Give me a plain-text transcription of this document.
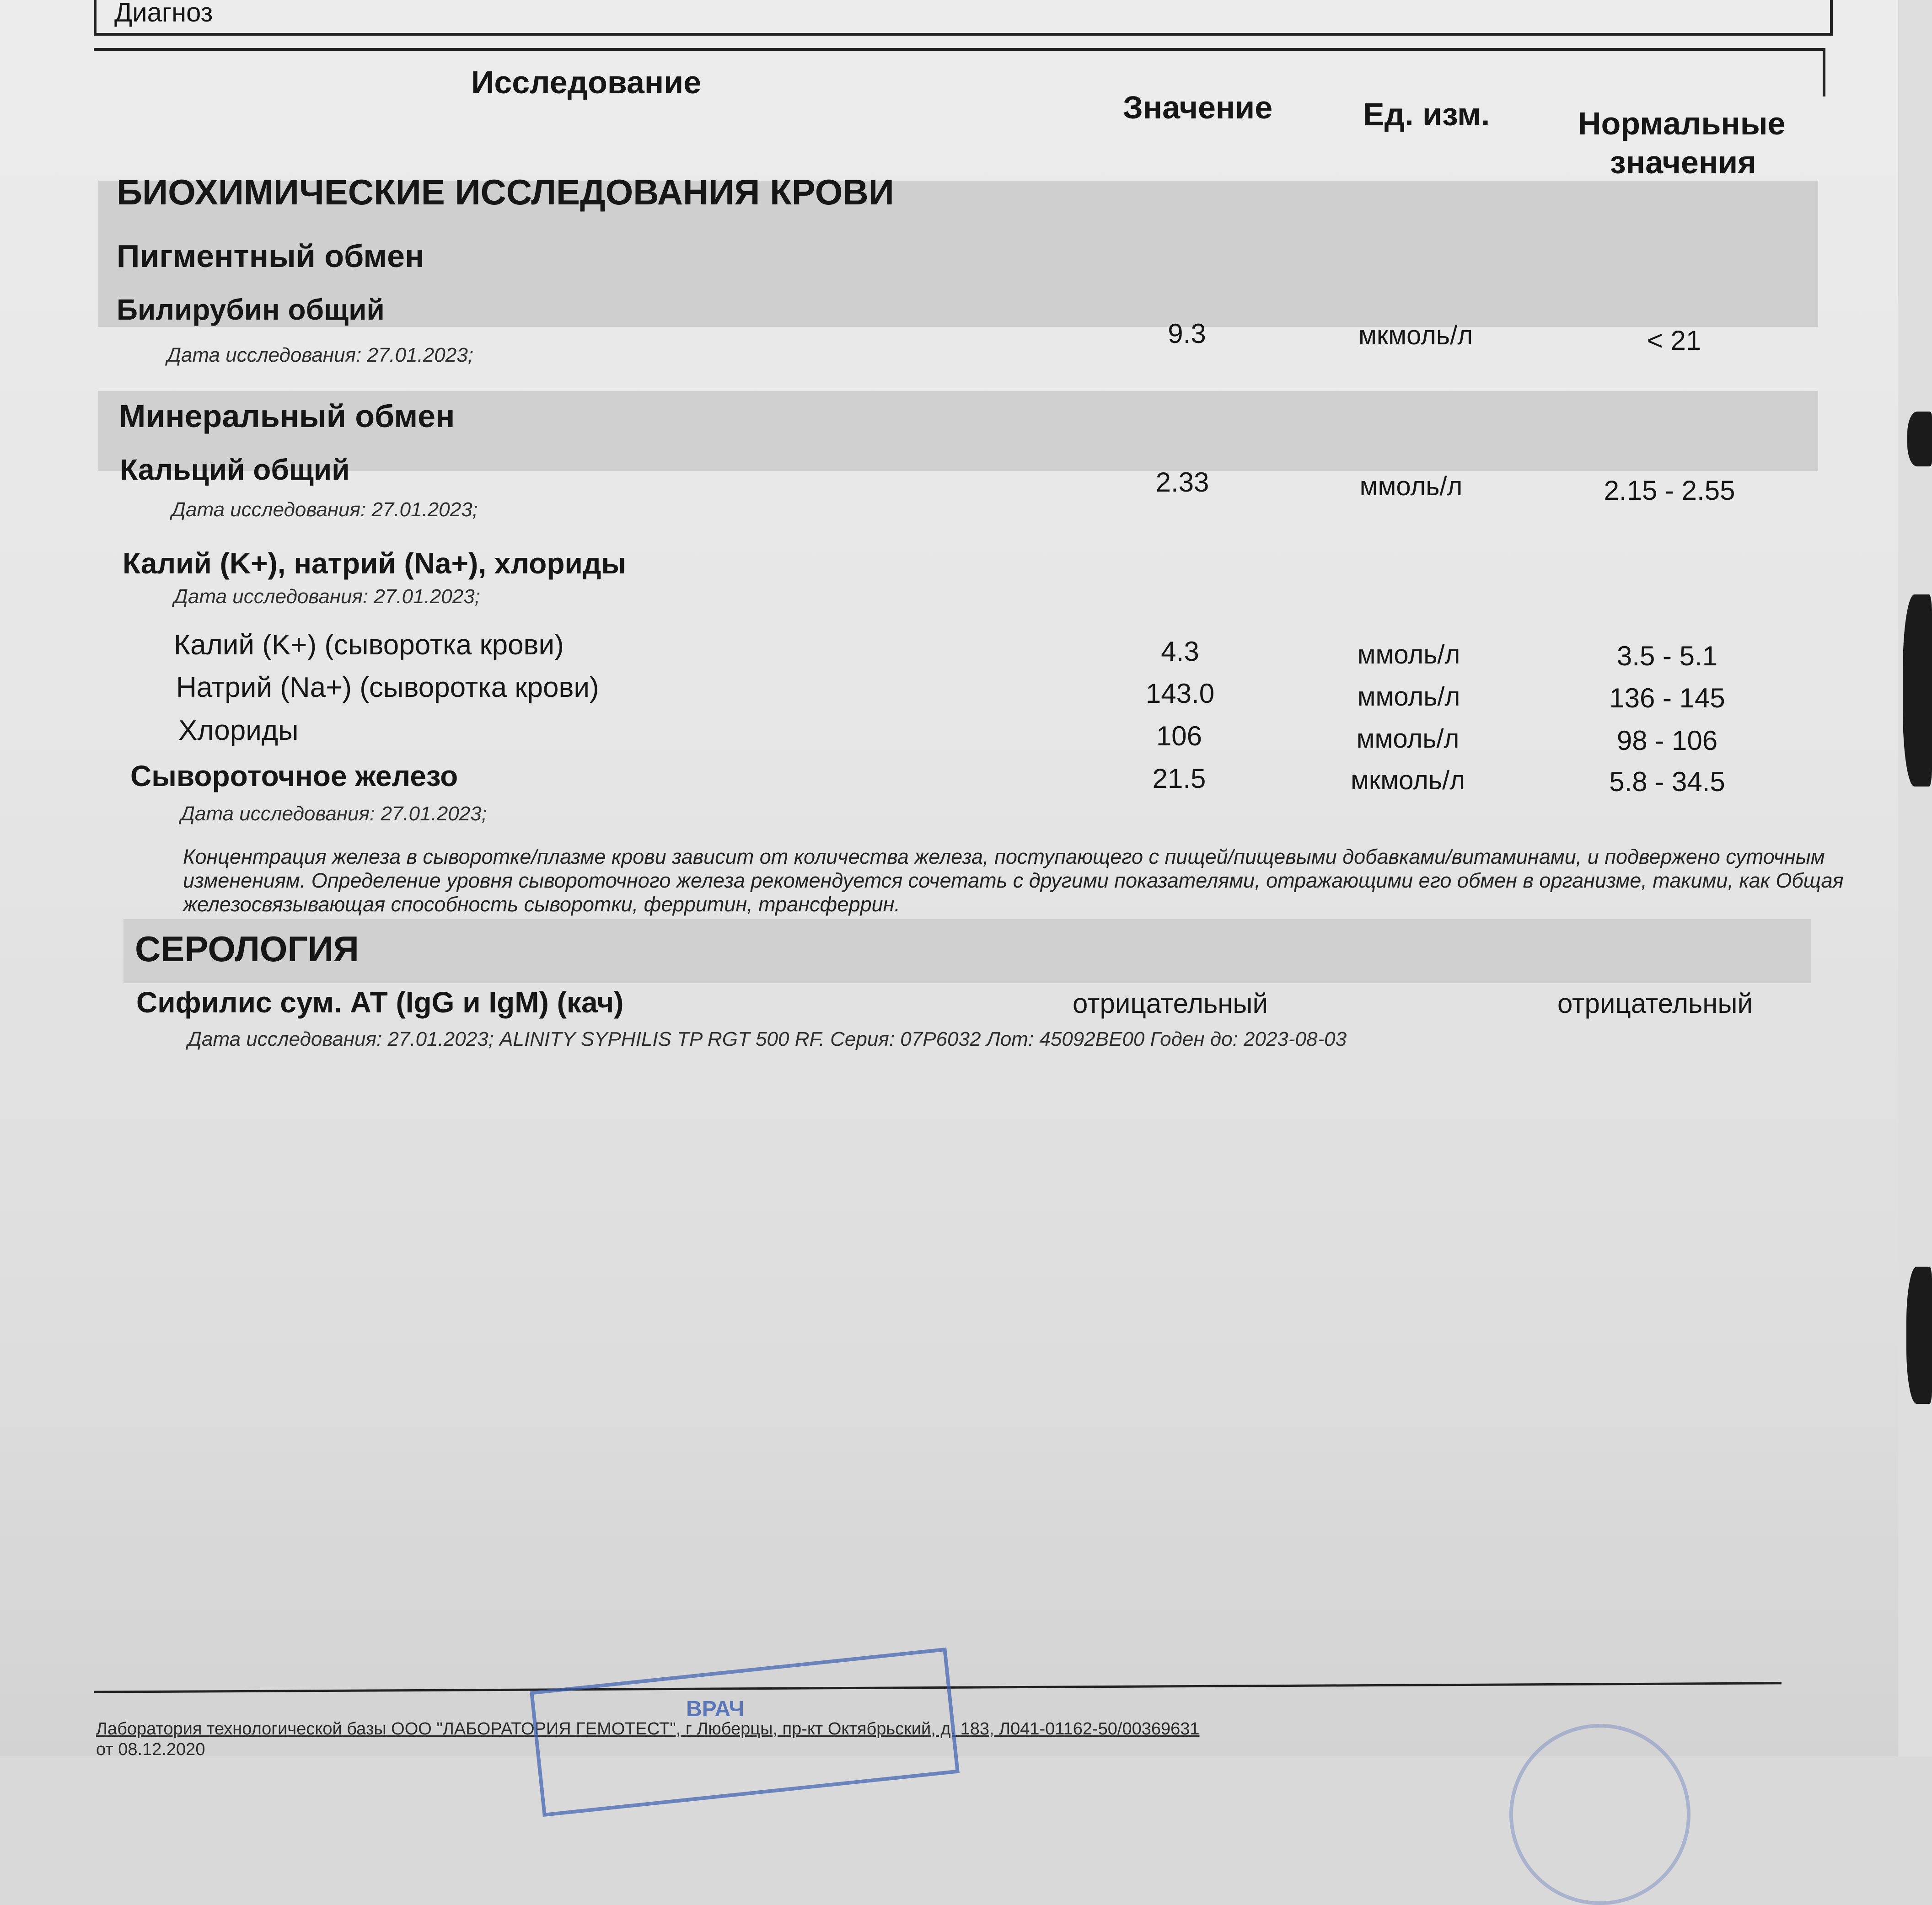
Диагноз
Исследование
Значение	Ед. изм.	Нормальные
значения
БИОХИМИЧЕСКИЕ ИССЛЕДОВАНИЯ КРОВИ
Пигментный обмен
Билирубин общий
Дата исследования: 27.01.2023;
9.3	мкмоль/л	< 21
Минеральный обмен
Кальций общий
Дата исследования: 27.01.2023;
2.33	ммоль/л	2.15 - 2.55
Калий (K+), натрий (Na+), хлориды
Дата исследования: 27.01.2023;
Калий (K+) (сыворотка крови)	4.3	ммоль/л	3.5 - 5.1
Натрий (Na+) (сыворотка крови)	143.0	ммоль/л	136 - 145
Хлориды	106	ммоль/л	98 - 106
Сывороточное железо	21.5	мкмоль/л	5.8 - 34.5
Дата исследования: 27.01.2023;
Концентрация железа в сыворотке/плазме крови зависит от количества железа, поступающего с пищей/пищевыми добавками/витаминами, и подвержено суточным изменениям. Определение уровня сывороточного железа рекомендуется сочетать с другими показателями, отражающими его обмен в организме, такими, как Общая железосвязывающая способность сыворотки, ферритин, трансферрин.
СЕРОЛОГИЯ
Сифилис сум. АТ (IgG и IgM) (кач)	отрицательный	отрицательный
Дата исследования: 27.01.2023; ALINITY SYPHILIS TP RGT 500 RF. Серия: 07P6032 Лот: 45092BE00 Годен до: 2023-08-03
Лаборатория технологической базы ООО "ЛАБОРАТОРИЯ ГЕМОТЕСТ", г Люберцы, пр-кт Октябрьский, д. 183, Л041-01162-50/00369631
от 08.12.2020
ВРАЧ
